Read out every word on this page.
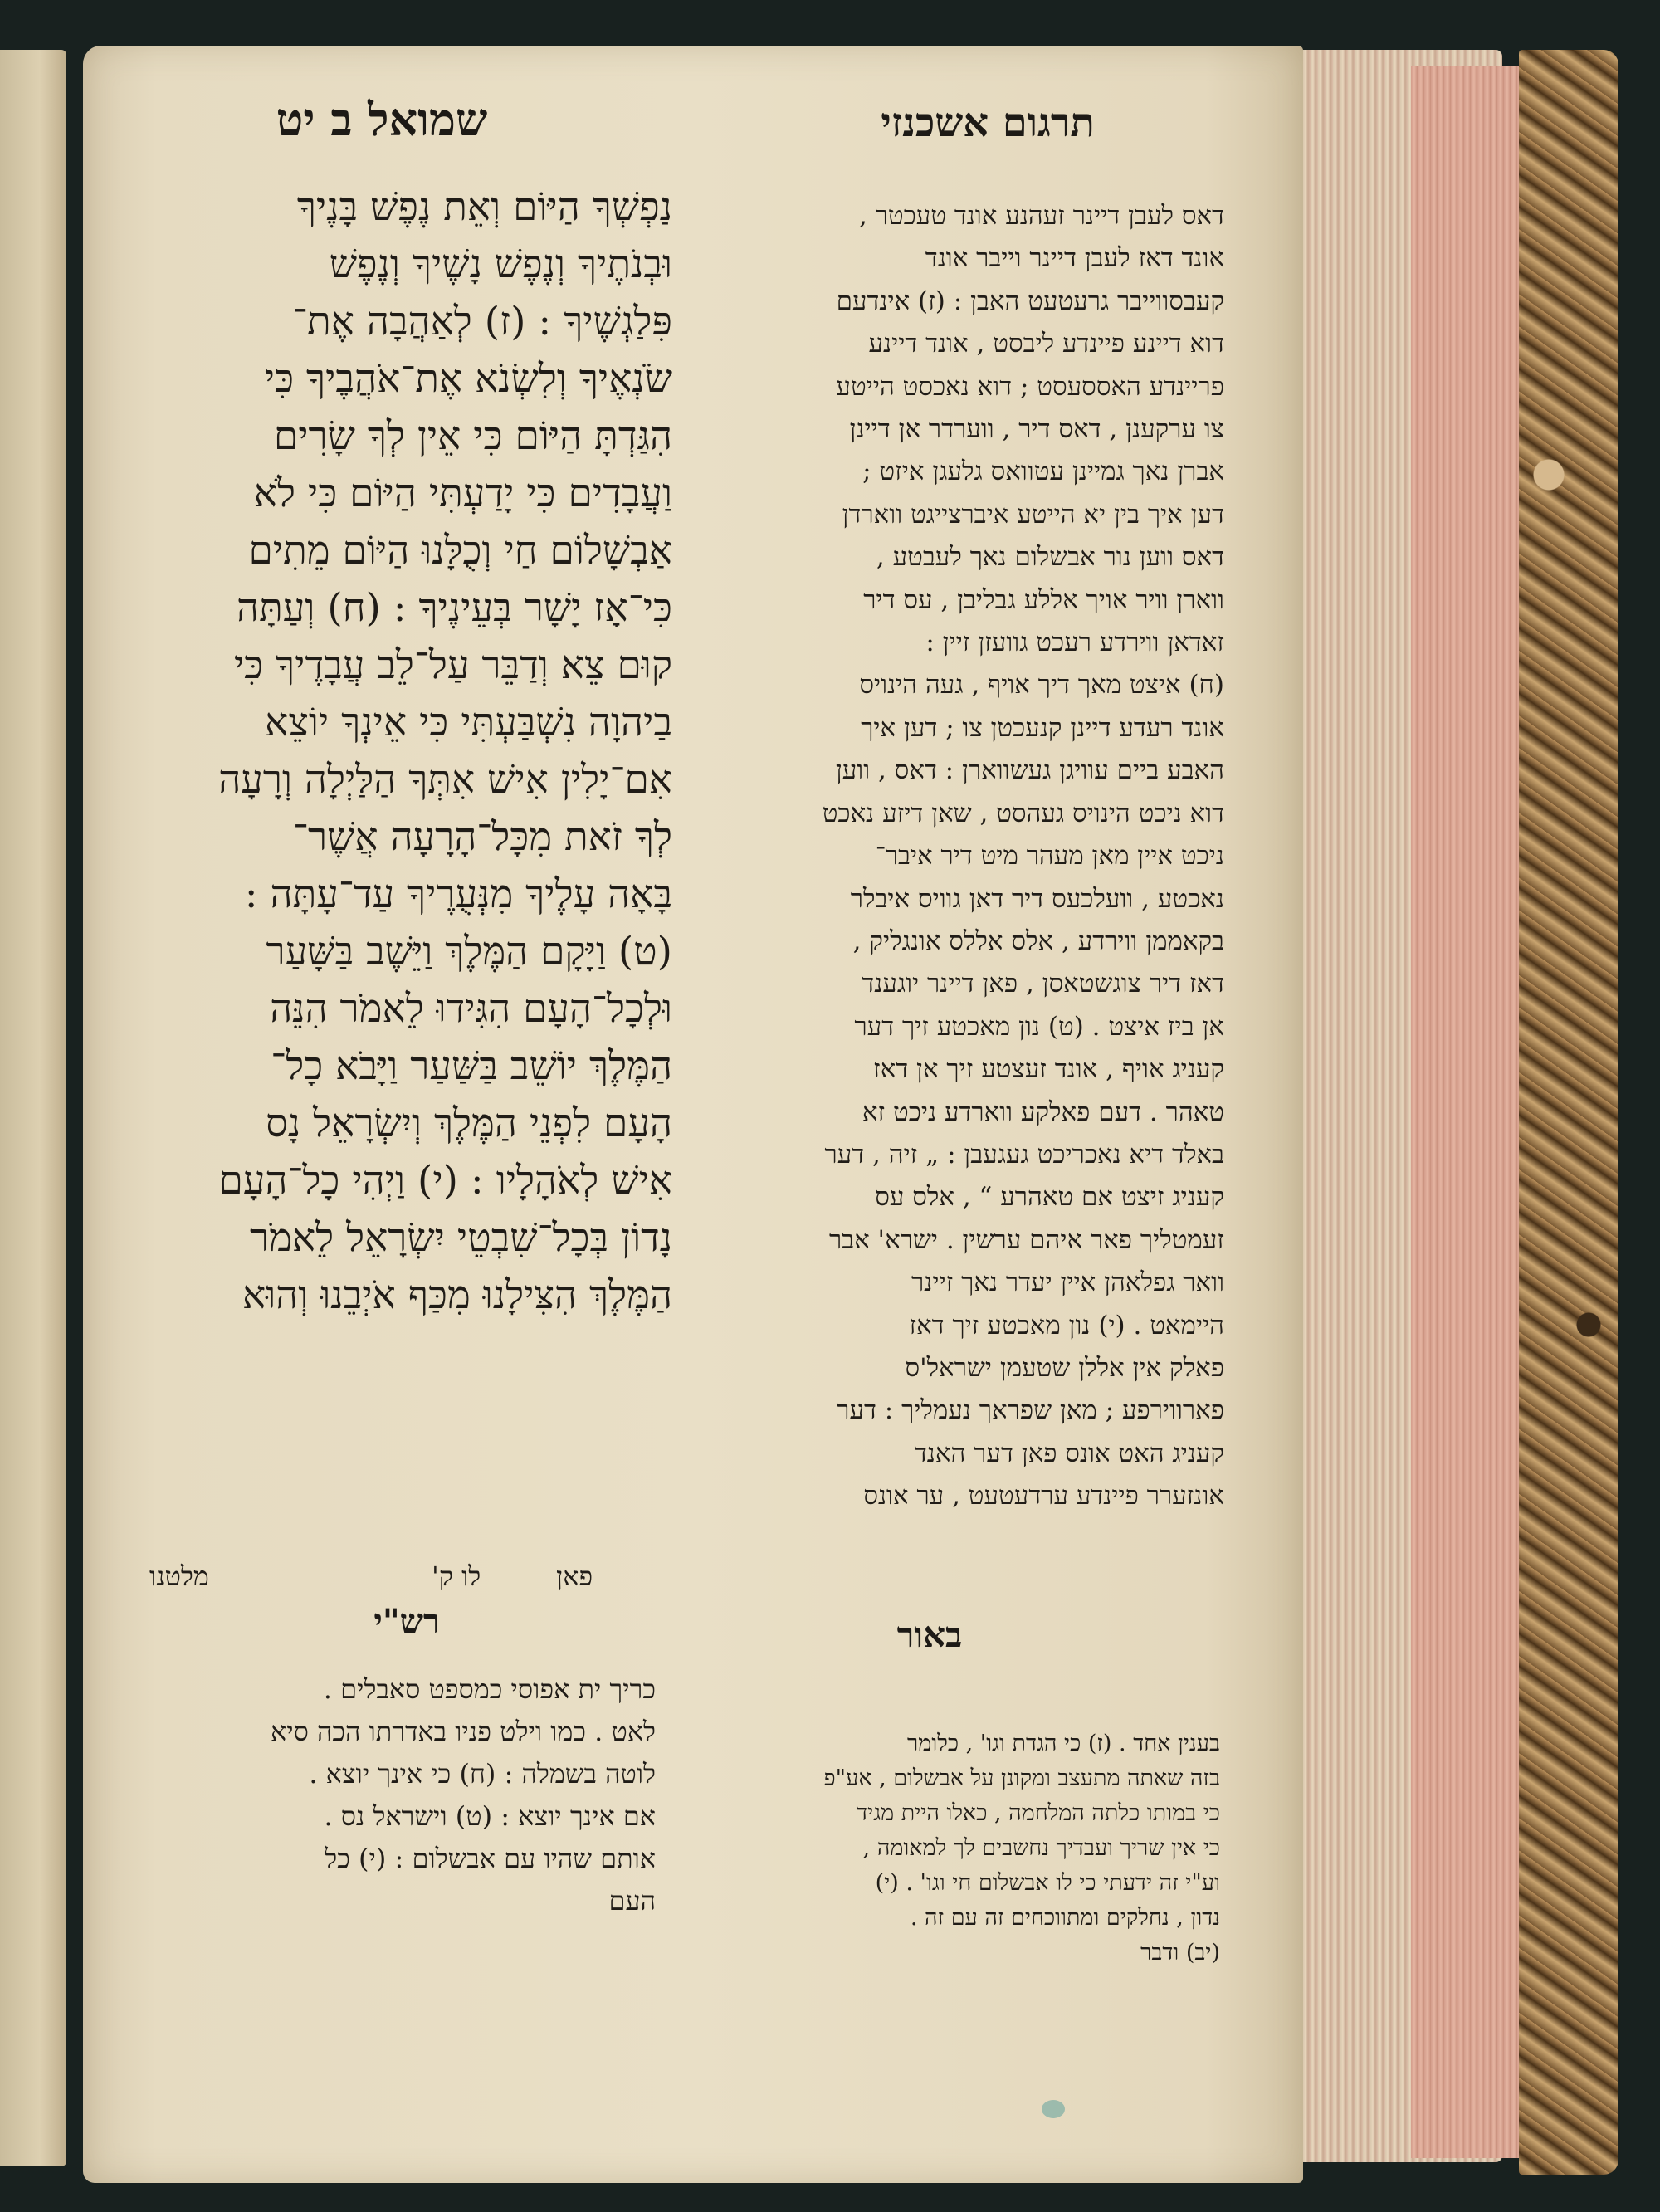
תרגום אשכנזי
שמואל ב יט
נַפְשְׁךָ הַיּוֹם וְאֵת נֶפֶשׁ בָּנֶיךָ
וּבְנֹתֶיךָ וְנֶפֶשׁ נָשֶׁיךָ וְנֶפֶשׁ
פִּלַגְשֶׁיךָ : (ז) לְאַהֲבָה אֶת־
שֹׂנְאֶיךָ וְלִשְׂנֹא אֶת־אֹהֲבֶיךָ כִּי
הִגַּדְתָּ הַיּוֹם כִּי אֵין לְךָ שָׂרִים
וַעֲבָדִים כִּי יָדַעְתִּי הַיּוֹם כִּי לֹא
אַבְשָׁלוֹם חַי וְכֻלָּנוּ הַיּוֹם מֵתִים
כִּי־אָז יָשָׁר בְּעֵינֶיךָ : (ח) וְעַתָּה
קוּם צֵא וְדַבֵּר עַל־לֵב עֲבָדֶיךָ כִּי
בַיהוָה נִשְׁבַּעְתִּי כִּי אֵינְךָ יוֹצֵא
אִם־יָלִין אִישׁ אִתְּךָ הַלַּיְלָה וְרָעָה
לְךָ זֹאת מִכָּל־הָרָעָה אֲשֶׁר־
בָּאָה עָלֶיךָ מִנְּעֻרֶיךָ עַד־עָתָּה :
(ט) וַיָּקָם הַמֶּלֶךְ וַיֵּשֶׁב בַּשָּׁעַר
וּלְכָל־הָעָם הִגִּידוּ לֵאמֹר הִנֵּה
הַמֶּלֶךְ יוֹשֵׁב בַּשַּׁעַר וַיָּבֹא כָל־
הָעָם לִפְנֵי הַמֶּלֶךְ וְיִשְׂרָאֵל נָס
אִישׁ לְאֹהָלָיו : (י) וַיְהִי כָל־הָעָם
נָדוֹן בְּכָל־שִׁבְטֵי יִשְׂרָאֵל לֵאמֹר
הַמֶּלֶךְ הִצִּילָנוּ מִכַּף אֹיְבֵנוּ וְהוּא
דאס לעבן דיינר זעהנע אונד טעכטר ,
אונד דאז לעבן דיינר וייבר אונד
קעבסווייבר גרעטעט האבן : (ז) אינדעם
דוא דיינע פיינדע ליבסט , אונד דיינע
פריינדע האססעסט ; דוא נאכסט הייטע
צו ערקענן , דאס דיר , ווערדר אן דיינן
אברן נאך גמיינן עטוואס גלעגן איזט ;
דען איך בין יא הייטע איברצייגט ווארדן
דאס ווען נור אבשלום נאך לעבטע ,
ווארן וויר אויך אללע גבליבן , עס דיר
זאדאן ווירדע רעכט גוועזן זיין :
(ח) איצט מאך דיך אויף , געה הינויס
אונד רעדע דיינן קנעכטן צו ; דען איך
האבע ביים עוויגן געשווארן : דאס , ווען
דוא ניכט הינויס געהסט , שאן דיזע נאכט
ניכט איין מאן מעהר מיט דיר איבר־
נאכטע , וועלכעס דיר דאן גוויס איבלר
בקאממן ווירדע , אלס אללס אונגליק ,
דאז דיר צוגשטאסן , פאן דיינר יוגענד
אן ביז איצט . (ט) נון מאכטע זיך דער
קעניג אויף , אונד זעצטע זיך אן דאז
טאהר . דעם פאלקע ווארדע ניכט זא
באלד דיא נאכריכט געגעבן : „ זיה , דער
קעניג זיצט אם טאהרע “ , אלס עס
זעמטליך פאר איהם ערשין . ישרא' אבר
וואר גפלאהן איין יעדר נאך זיינר
היימאט . (י) נון מאכטע זיך דאז
פאלק אין אללן שטעמן ישראל'ס
פארווירפע ; מאן שפראך נעמליך : דער
קעניג האט אונס פאן דער האנד
אונזערר פיינדע ערדעטעט , ער אונס
פאן
לו ק'
מלטנו
רש"י	באור
כריך ית אפוסי כמספט סאבלים .
לאט . כמו וילט פניו באדרתו הכה סיא
לוטה בשמלה : (ח) כי אינך יוצא .
אם אינך יוצא : (ט) וישראל נס .
אותם שהיו עם אבשלום : (י) כל
העם
בענין אחד . (ז) כי הגדת וגו' , כלומר
בזה שאתה מתעצב ומקונן על אבשלום , אע"פ
כי במותו כלתה המלחמה , כאלו היית מגיד
כי אין שריך ועבדיך נחשבים לך למאומה ,
וע"י זה ידעתי כי לו אבשלום חי וגו' . (י)
נדון , נחלקים ומתווכחים זה עם זה .
(יב) ודבר
